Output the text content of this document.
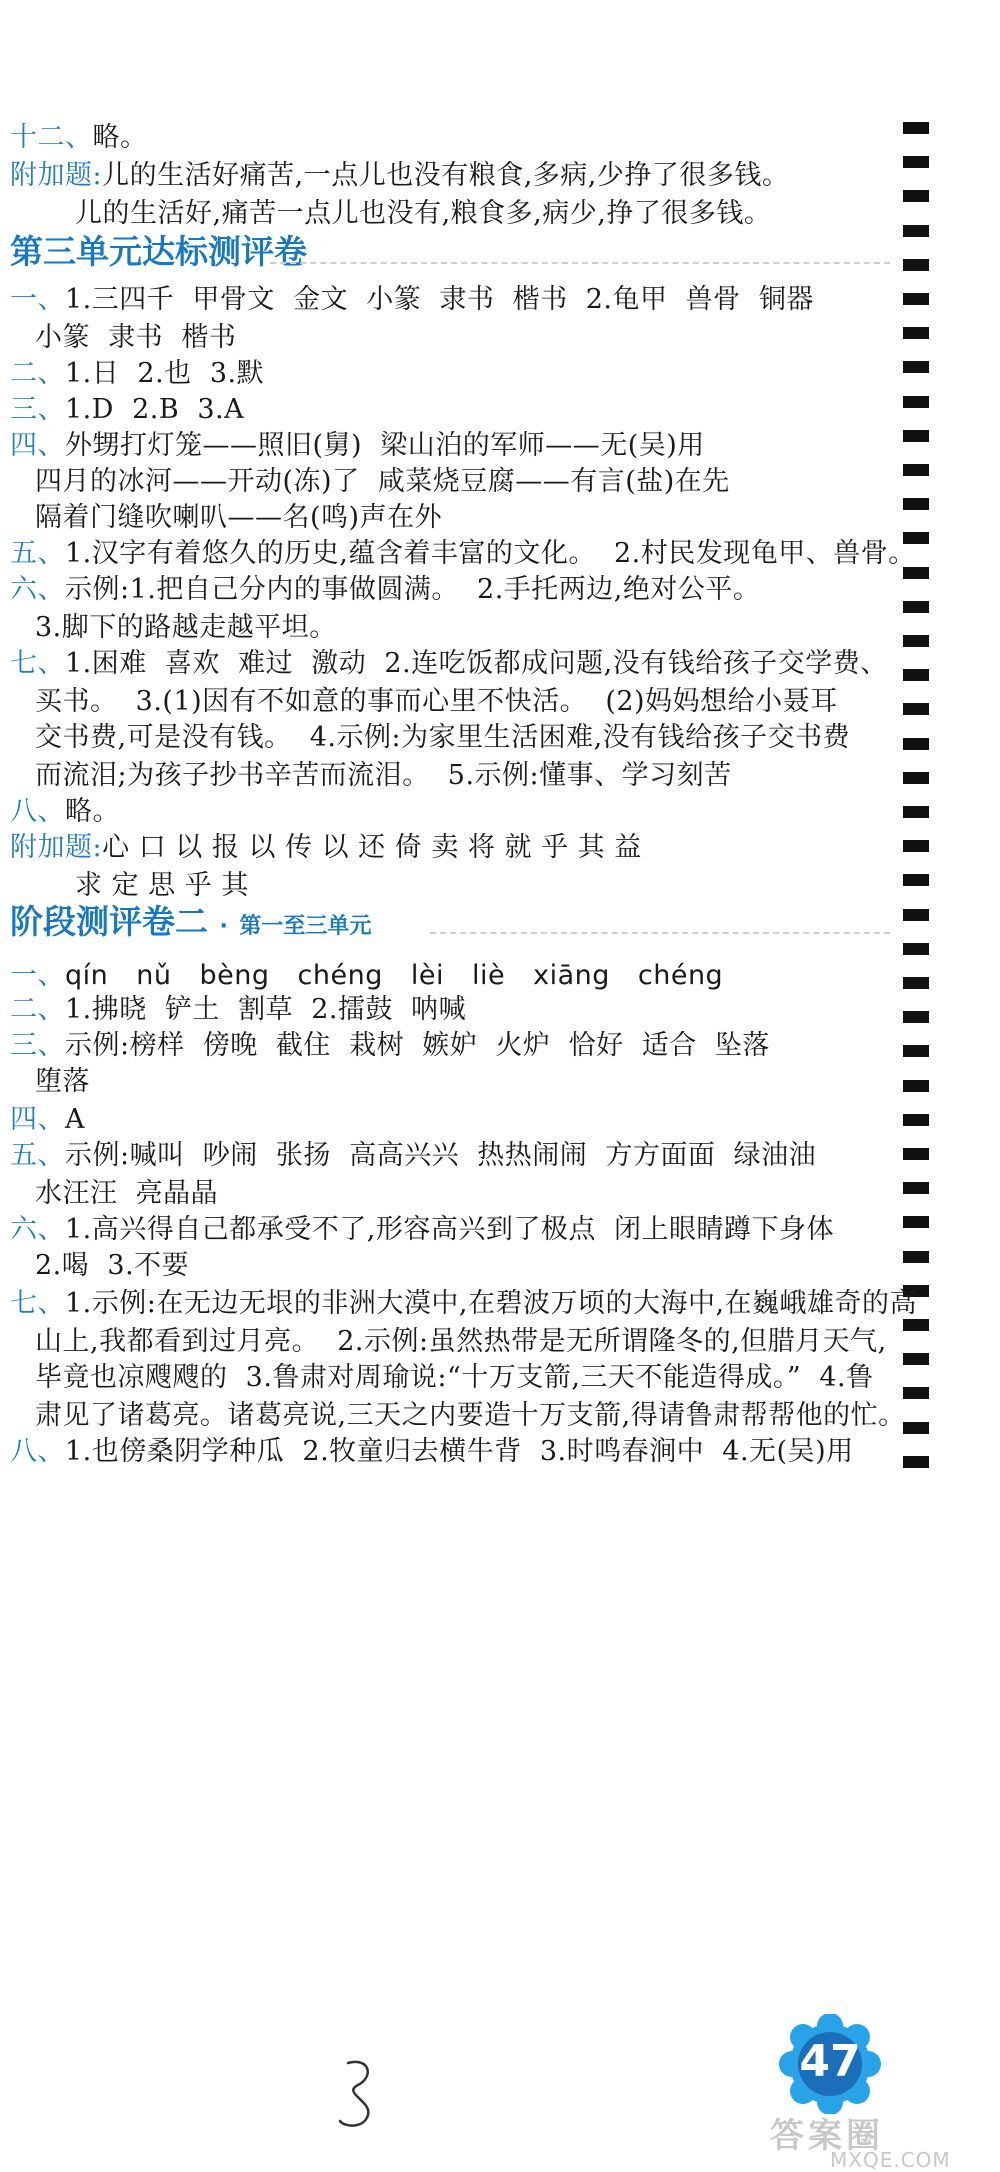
第三单元达标测评卷
阶段测评卷二 · 第一至三单元
一、 qín nǔ bèng chéng lèi liè xiāng chéng
47
答案圈
MXQE.COM
十二、略。
附加题:儿的生活好痛苦,一点儿也没有粮食,多病,少挣了很多钱。
儿的生活好,痛苦一点儿也没有,粮食多,病少,挣了很多钱。
一、1.三四千  甲骨文  金文  小篆  隶书  楷书  2.龟甲  兽骨  铜器
小篆  隶书  楷书
二、1.日  2.也  3.默
三、1.D  2.B  3.A
四、外甥打灯笼——照旧(舅)  梁山泊的军师——无(吴)用
四月的冰河——开动(冻)了  咸菜烧豆腐——有言(盐)在先
隔着门缝吹喇叭——名(鸣)声在外
五、1.汉字有着悠久的历史,蕴含着丰富的文化。  2.村民发现龟甲、兽骨。
六、示例:1.把自己分内的事做圆满。  2.手托两边,绝对公平。
3.脚下的路越走越平坦。
七、1.困难  喜欢  难过  激动  2.连吃饭都成问题,没有钱给孩子交学费、
买书。  3.(1)因有不如意的事而心里不快活。  (2)妈妈想给小聂耳
交书费,可是没有钱。  4.示例:为家里生活困难,没有钱给孩子交书费
而流泪;为孩子抄书辛苦而流泪。  5.示例:懂事、学习刻苦
八、略。
附加题:心 口 以 报 以 传 以 还 倚 卖 将 就 乎 其 益
求 定 思 乎 其
二、1.拂晓  铲土  割草  2.擂鼓  呐喊
三、示例:榜样  傍晚  截住  栽树  嫉妒  火炉  恰好  适合  坠落
堕落
四、A
五、示例:喊叫  吵闹  张扬  高高兴兴  热热闹闹  方方面面  绿油油
水汪汪  亮晶晶
六、1.高兴得自己都承受不了,形容高兴到了极点  闭上眼睛蹲下身体
2.喝  3.不要
七、1.示例:在无边无垠的非洲大漠中,在碧波万顷的大海中,在巍峨雄奇的高
山上,我都看到过月亮。  2.示例:虽然热带是无所谓隆冬的,但腊月天气,
毕竟也凉飕飕的  3.鲁肃对周瑜说:“十万支箭,三天不能造得成。”  4.鲁
肃见了诸葛亮。诸葛亮说,三天之内要造十万支箭,得请鲁肃帮帮他的忙。
八、1.也傍桑阴学种瓜  2.牧童归去横牛背  3.时鸣春涧中  4.无(吴)用
